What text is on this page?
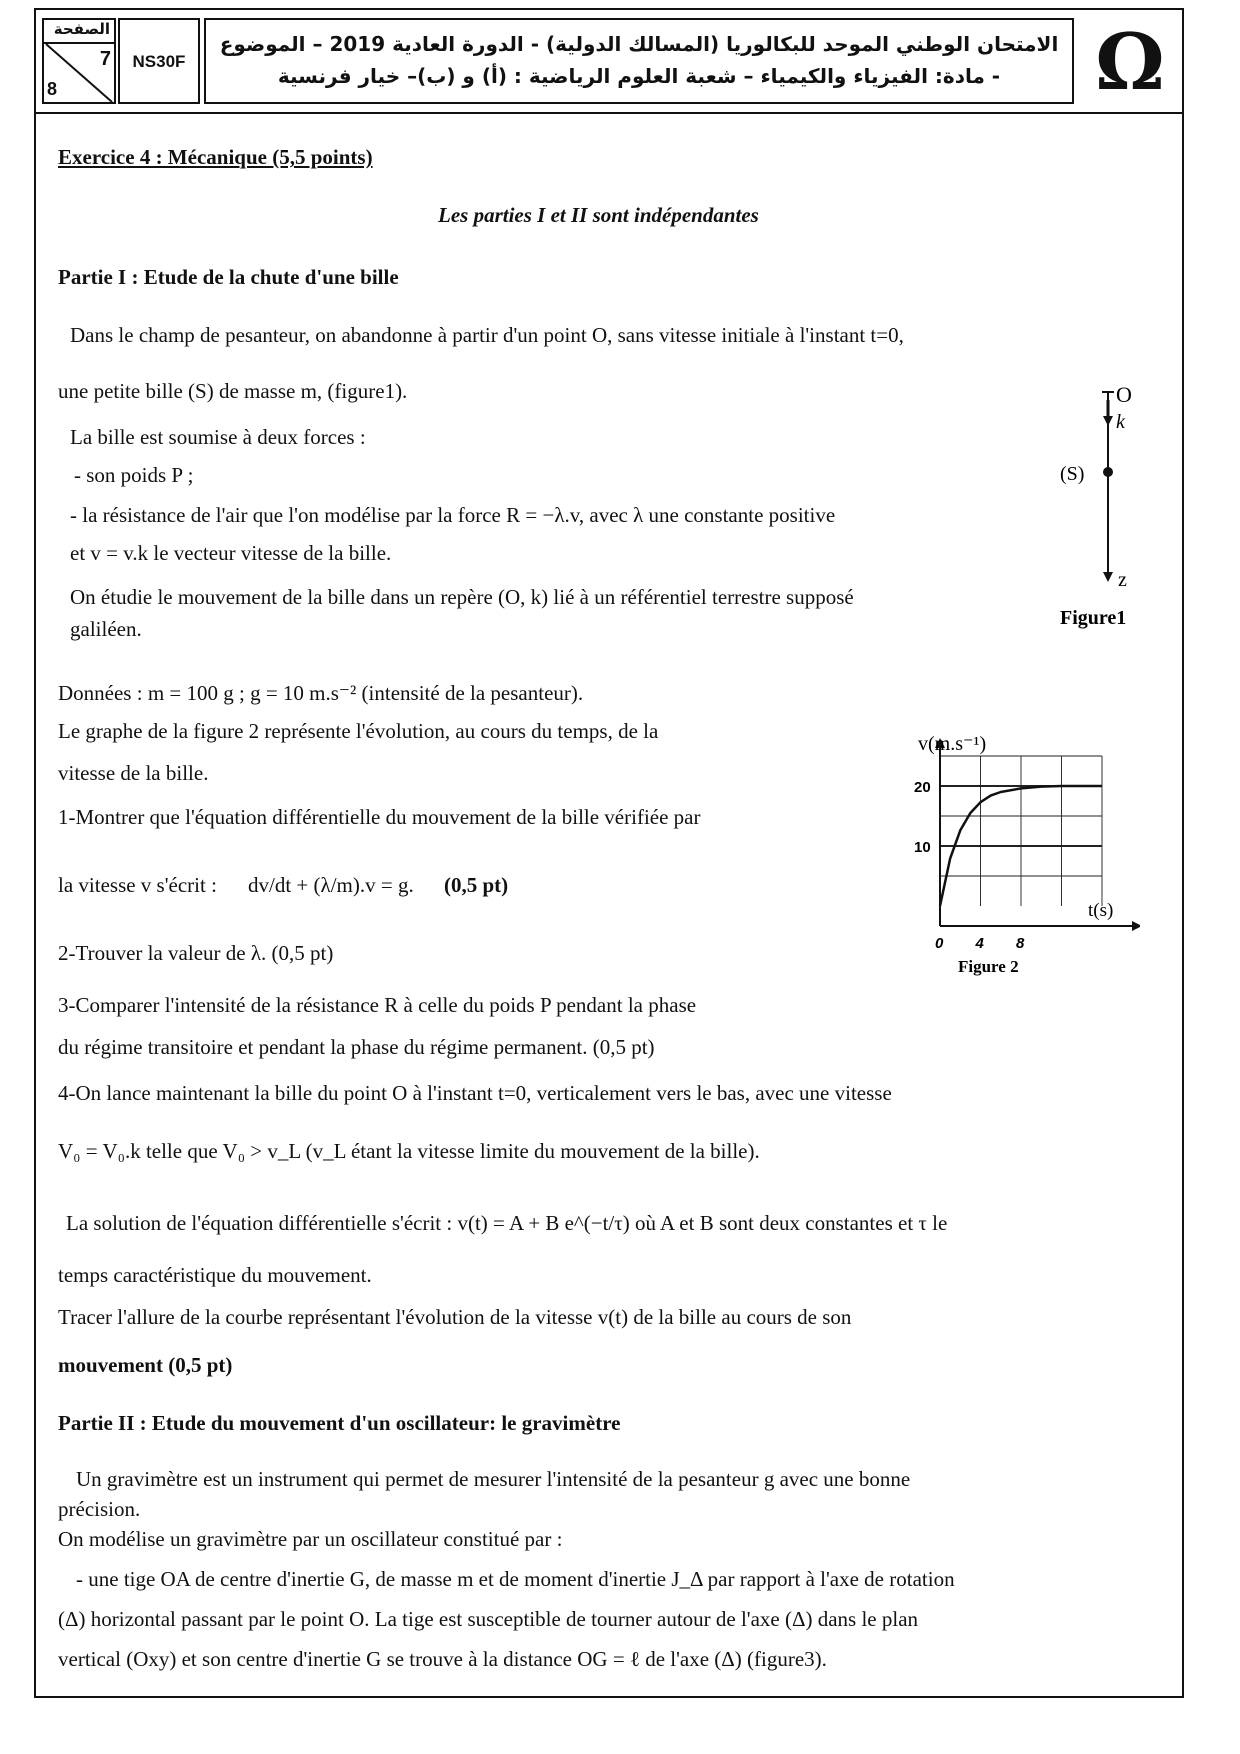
الصفحة
7
8
NS30F
الامتحان الوطني الموحد للبكالوريا (المسالك الدولية) - الدورة العادية 2019 – الموضوع
- مادة: الفيزياء والكيمياء – شعبة العلوم الرياضية : (أ) و (ب)– خيار فرنسية	Ω
Exercice 4 : Mécanique (5,5 points)
Les parties I et II sont indépendantes
Partie I : Etude de la chute d'une bille
Dans le champ de pesanteur, on abandonne à partir d'un point O, sans vitesse initiale à l'instant t=0,
une petite bille (S) de masse m, (figure1).
La bille est soumise à deux forces :
- son poids P ;
- la résistance de l'air que l'on modélise par la force R = −λ.v, avec λ une constante positive
et v = v.k le vecteur vitesse de la bille.
On étudie le mouvement de la bille dans un repère (O, k) lié à un référentiel terrestre supposé
galiléen.
O
k
(S)
z
Figure1
Données : m = 100 g ; g = 10 m.s⁻² (intensité de la pesanteur).
Le graphe de la figure 2 représente l'évolution, au cours du temps, de la
vitesse de la bille.
1-Montrer que l'équation différentielle du mouvement de la bille vérifiée par
la vitesse v s'écrit : dv/dt + (λ/m).v = g. (0,5 pt)
2-Trouver la valeur de λ. (0,5 pt)
3-Comparer l'intensité de la résistance R à celle du poids P pendant la phase
du régime transitoire et pendant la phase du régime permanent. (0,5 pt)
4-On lance maintenant la bille du point O à l'instant t=0, verticalement vers le bas, avec une vitesse
V₀ = V₀.k telle que V₀ > v_L (v_L étant la vitesse limite du mouvement de la bille).
La solution de l'équation différentielle s'écrit : v(t) = A + B e^(−t/τ) où A et B sont deux constantes et τ le
temps caractéristique du mouvement.
Tracer l'allure de la courbe représentant l'évolution de la vitesse v(t) de la bille au cours de son
mouvement (0,5 pt)
0 4 8
10
20
v(m.s⁻¹)
t(s)
Figure 2
Partie II : Etude du mouvement d'un oscillateur: le gravimètre
Un gravimètre est un instrument qui permet de mesurer l'intensité de la pesanteur g avec une bonne
précision.
On modélise un gravimètre par un oscillateur constitué par :
- une tige OA de centre d'inertie G, de masse m et de moment d'inertie J_Δ par rapport à l'axe de rotation
(Δ) horizontal passant par le point O. La tige est susceptible de tourner autour de l'axe (Δ) dans le plan
vertical (Oxy) et son centre d'inertie G se trouve à la distance OG = ℓ de l'axe (Δ) (figure3).
